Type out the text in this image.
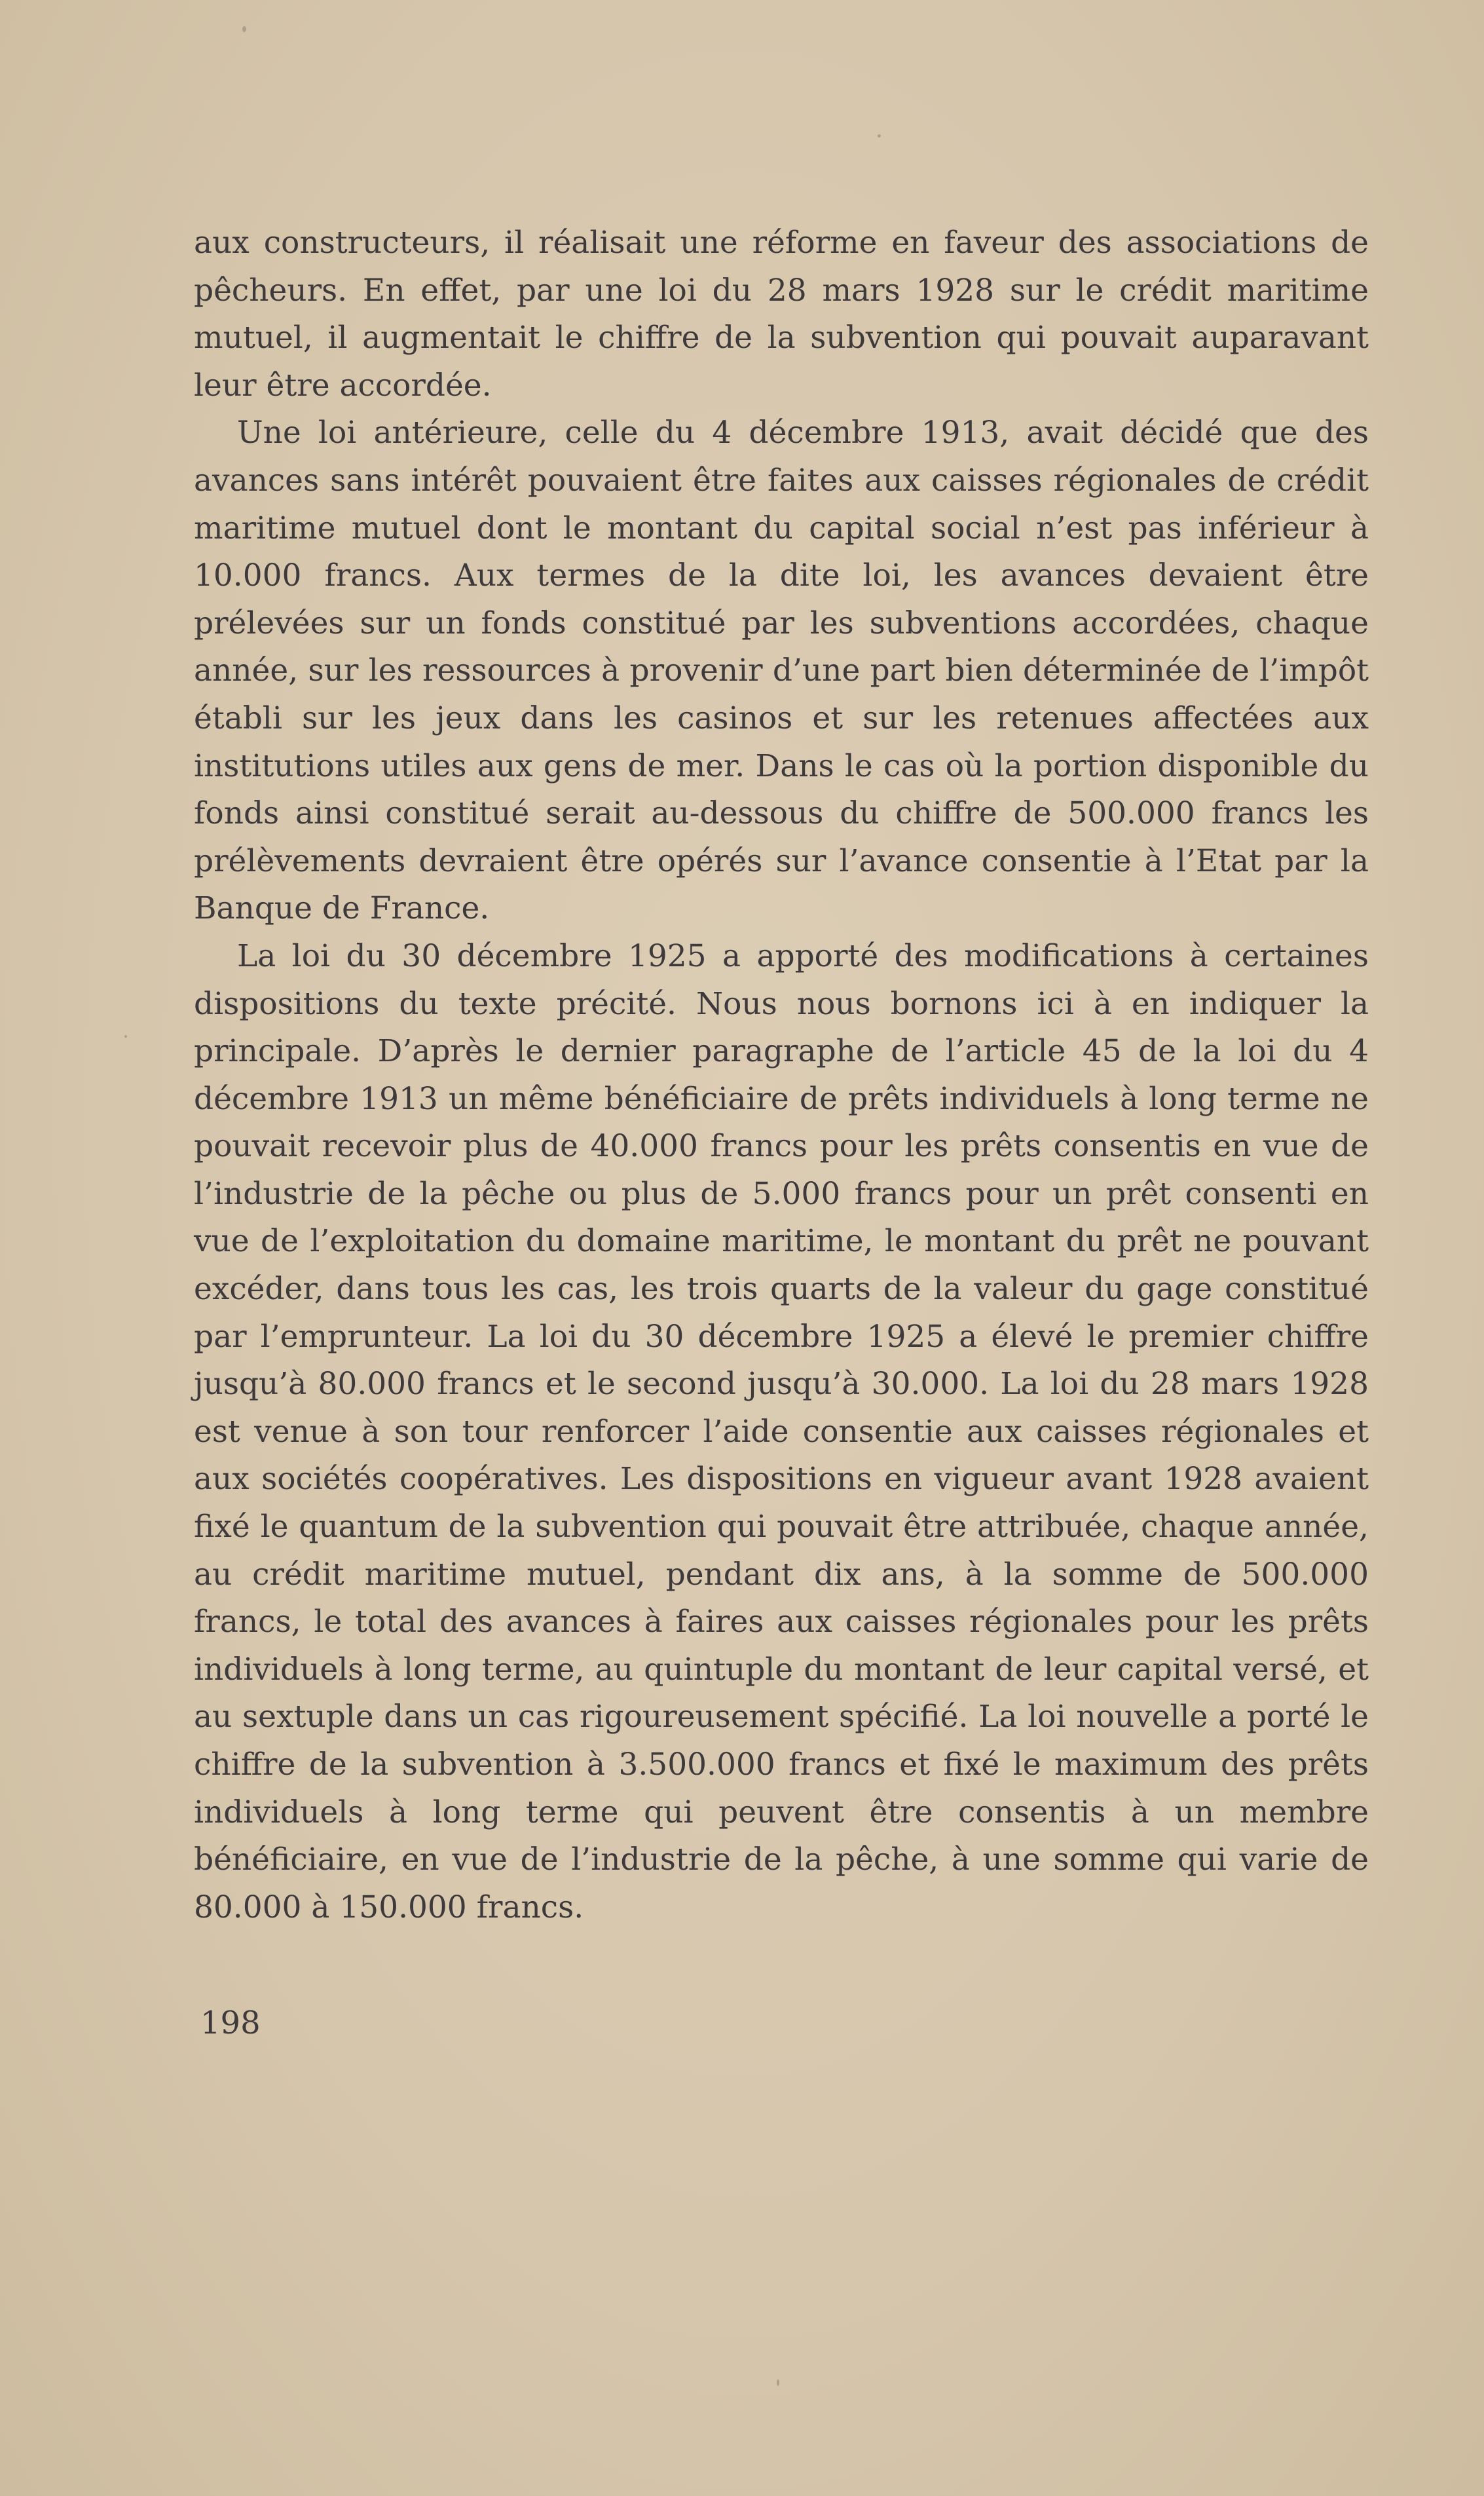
aux constructeurs, il réalisait une réforme en faveur des associations de pêcheurs. En effet, par une loi du 28 mars 1928 sur le crédit maritime mutuel, il augmentait le chiffre de la subvention qui pouvait auparavant leur être accordée.

Une loi antérieure, celle du 4 décembre 1913, avait décidé que des avances sans intérêt pouvaient être faites aux caisses régionales de crédit maritime mutuel dont le montant du capital social n’est pas inférieur à 10.000 francs. Aux termes de la dite loi, les avances devaient être prélevées sur un fonds constitué par les subventions accordées, chaque année, sur les ressources à provenir d’une part bien déterminée de l’impôt établi sur les jeux dans les casinos et sur les retenues affectées aux institutions utiles aux gens de mer. Dans le cas où la portion disponible du fonds ainsi constitué serait au-dessous du chiffre de 500.000 francs les prélèvements devraient être opérés sur l’avance consentie à l’Etat par la Banque de France.

La loi du 30 décembre 1925 a apporté des modifications à certaines dispositions du texte précité. Nous nous bornons ici à en indiquer la principale. D’après le dernier paragraphe de l’article 45 de la loi du 4 décembre 1913 un même bénéficiaire de prêts individuels à long terme ne pouvait recevoir plus de 40.000 francs pour les prêts consentis en vue de l’industrie de la pêche ou plus de 5.000 francs pour un prêt consenti en vue de l’exploitation du domaine maritime, le montant du prêt ne pouvant excéder, dans tous les cas, les trois quarts de la valeur du gage constitué par l’emprunteur. La loi du 30 décembre 1925 a élevé le premier chiffre jusqu’à 80.000 francs et le second jusqu’à 30.000. La loi du 28 mars 1928 est venue à son tour renforcer l’aide consentie aux caisses régionales et aux sociétés coopératives. Les dispositions en vigueur avant 1928 avaient fixé le quantum de la subvention qui pouvait être attribuée, chaque année, au crédit maritime mutuel, pendant dix ans, à la somme de 500.000 francs, le total des avances à faires aux caisses régionales pour les prêts individuels à long terme, au quintuple du montant de leur capital versé, et au sextuple dans un cas rigoureusement spécifié. La loi nouvelle a porté le chiffre de la subvention à 3.500.000 francs et fixé le maximum des prêts individuels à long terme qui peuvent être consentis à un membre bénéficiaire, en vue de l’industrie de la pêche, à une somme qui varie de 80.000 à 150.000 francs.

198
